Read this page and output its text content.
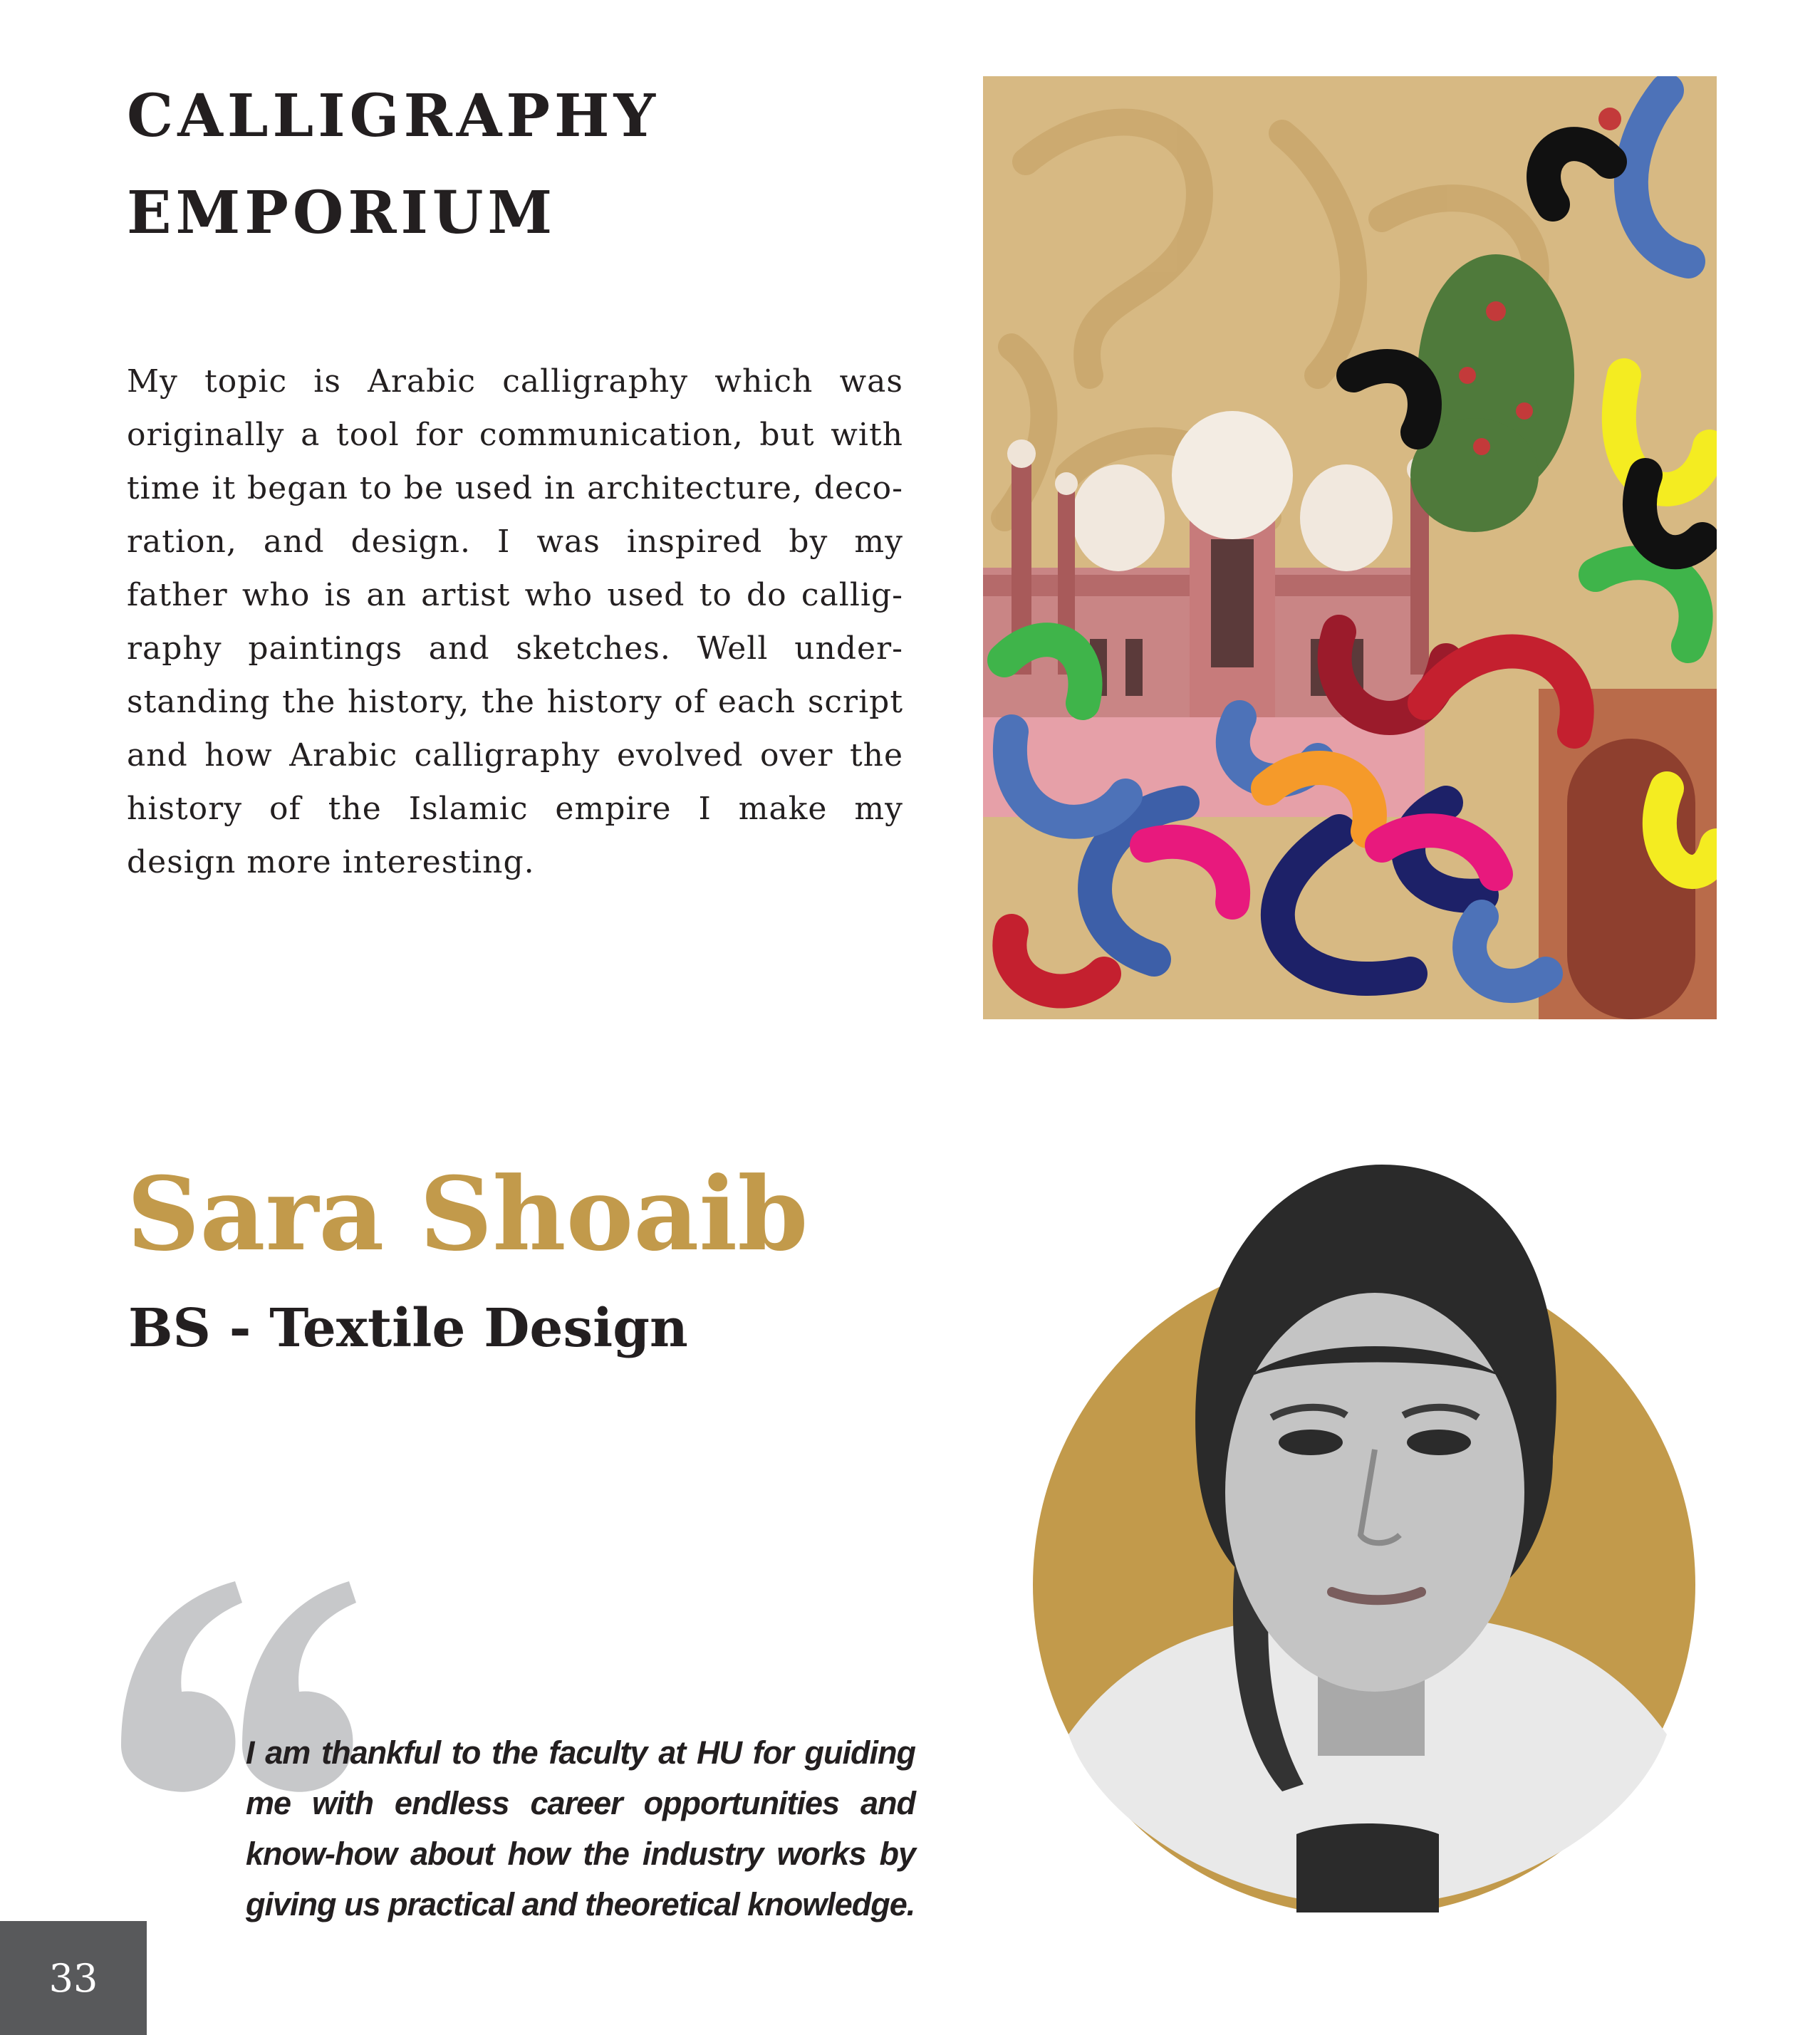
CALLIGRAPHY
EMPORIUM

My topic is Arabic calligraphy which was originally a tool for communication, but with time it began to be used in architecture, deco-ration, and design. I was inspired by my father who is an artist who used to do callig-raphy paintings and sketches. Well under-standing the history, the history of each script and how Arabic calligraphy evolved over the history of the Islamic empire I make my design more interesting.

Sara Shoaib
BS - Textile Design

I am thankful to the faculty at HU for guiding me with endless career opportunities and know-how about how the industry works by giving us practical and theoretical knowledge.

33
